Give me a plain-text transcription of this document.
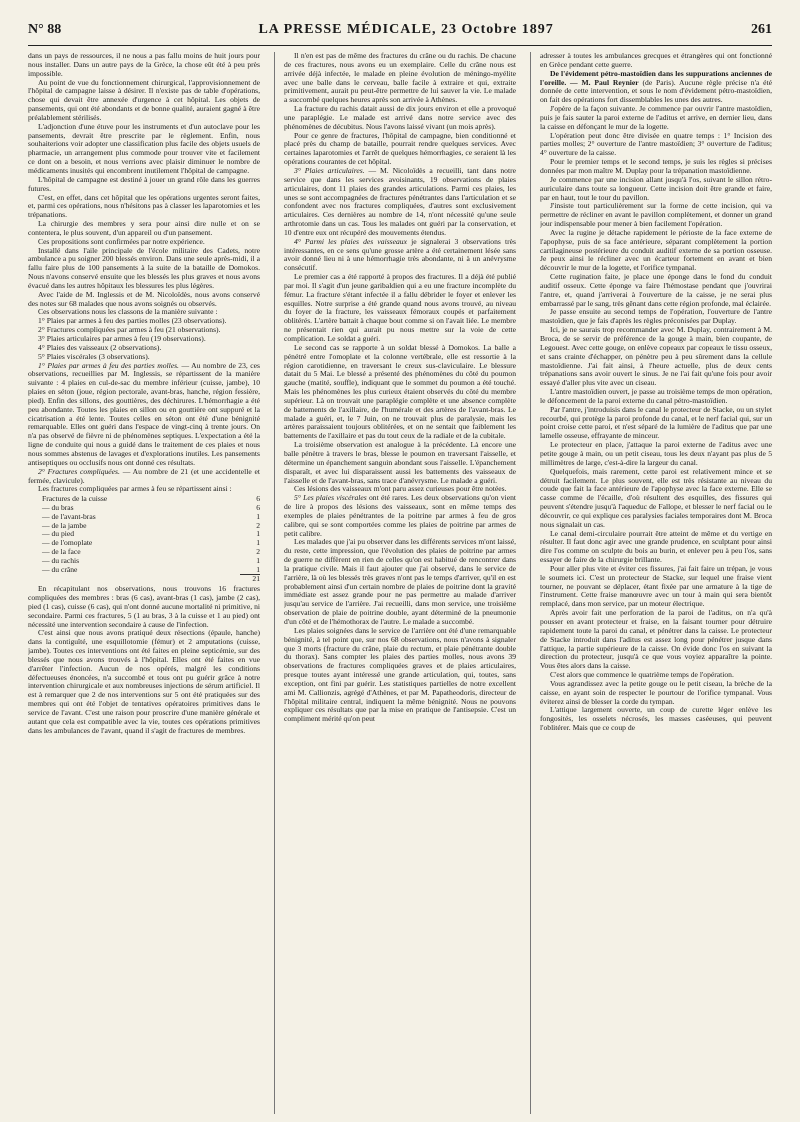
N° 88	LA PRESSE MÉDICALE, 23 Octobre 1897	261

dans un pays de ressources, il ne nous a pas fallu moins de huit jours pour nous installer. Dans un autre pays de la Grèce, la chose eût été à peu près impossible.

Au point de vue du fonctionnement chirurgical, l'approvisionnement de l'hôpital de campagne laisse à désirer. Il n'existe pas de table d'opérations, chose qui devait être annexée d'urgence à cet hôpital. Les objets de pansements, qui ont été abondants et de bonne qualité, auraient gagné à être préalablement stérilisés.

L'adjonction d'une étuve pour les instruments et d'un autoclave pour les pansements, devrait être prescrite par le règlement. Enfin, nous souhaiterions voir adopter une classification plus facile des objets usuels de pharmacie, un arrangement plus commode pour trouver vite et facilement ce dont on a besoin, et nous verrions avec plaisir diminuer le nombre de médicaments inusités qui encombrent inutilement l'hôpital de campagne.

L'hôpital de campagne est destiné à jouer un grand rôle dans les guerres futures.

C'est, en effet, dans cet hôpital que les opérations urgentes seront faites, et, parmi ces opérations, nous n'hésitons pas à classer les laparotomies et les trépanations.

La chirurgie des membres y sera pour ainsi dire nulle et on se contentera, le plus souvent, d'un appareil ou d'un pansement.

Ces propositions sont confirmées par notre expérience.

Installé dans l'aile principale de l'école militaire des Cadets, notre ambulance a pu soigner 200 blessés environ. Dans une seule après-midi, il a fallu faire plus de 100 pansements à la suite de la bataille de Domokos. Nous n'avons conservé ensuite que les blessés les plus graves et nous avons évacué dans les autres hôpitaux les blessures les plus légères.

Avec l'aide de M. Inglessis et de M. Nicoloïdès, nous avons conservé des notes sur 68 malades que nous avons soignés ou observés.

Ces observations nous les classons de la manière suivante :

1° Plaies par armes à feu des parties molles (23 observations).

2° Fractures compliquées par armes à feu (21 observations).

3° Plaies articulaires par armes à feu (19 observations).

4° Plaies des vaisseaux (2 observations).

5° Plaies viscérales (3 observations).

1° Plaies par armes à feu des parties molles. — Au nombre de 23, ces observations, recueillies par M. Inglessis, se répartissent de la manière suivante : 4 plaies en cul-de-sac du membre inférieur (cuisse, jambe), 10 plaies en séton (joue, région pectorale, avant-bras, hanche, région fessière, pied). Enfin des sillons, des gouttières, des déchirures. L'hémorrhagie a été peu abondante. Toutes les plaies en sillon ou en gouttière ont suppuré et la cicatrisation a été lente. Toutes celles en séton ont été d'une bénignité remarquable. Elles ont guéri dans l'espace de vingt-cinq à trente jours. On n'a pas observé de fièvre ni de phénomènes septiques. L'expectation a été la ligne de conduite qui nous a guidé dans le traitement de ces plaies et nous nous sommes abstenus de lavages et d'explorations inutiles. Les pansements antiseptiques ou occlusifs nous ont donné ces résultats.

2° Fractures compliquées. — Au nombre de 21 (et une accidentelle et fermée, clavicule).

Les fractures compliquées par armes à feu se répartissent ainsi :

Fractures de la cuisse	6
— du bras	6
— de l'avant-bras	1
— de la jambe	2
— du pied	1
— de l'omoplate	1
— de la face	2
— du rachis	1
— du crâne	1
	21

En récapitulant nos observations, nous trouvons 16 fractures compliquées des membres : bras (6 cas), avant-bras (1 cas), jambe (2 cas), pied (1 cas), cuisse (6 cas), qui n'ont donné aucune mortalité ni primitive, ni secondaire. Parmi ces fractures, 5 (1 au bras, 3 à la cuisse et 1 au pied) ont nécessité une intervention secondaire à cause de l'infection.

C'est ainsi que nous avons pratiqué deux résections (épaule, hanche) dans la contiguïté, une esquillotomie (fémur) et 2 amputations (cuisse, jambe). Toutes ces interventions ont été faites en pleine septicémie, sur des blessés que nous avons trouvés à l'hôpital. Elles ont été faites en vue d'arrêter l'infection. Aucun de nos opérés, malgré les conditions défectueuses énoncées, n'a succombé et tous ont pu guérir grâce à notre intervention chirurgicale et aux nombreuses injections de sérum artificiel. Il est à remarquer que 2 de nos interventions sur 5 ont été pratiquées sur des membres qui ont été l'objet de tentatives opératoires primitives dans le service de l'avant. C'est une raison pour proscrire d'une manière générale et autant que cela est compatible avec la vie, toutes ces opérations primitives dans les ambulances de l'avant, quand il s'agit de fractures de membres.

Il n'en est pas de même des fractures du crâne ou du rachis. De chacune de ces fractures, nous avons eu un exemplaire. Celle du crâne nous est arrivée déjà infectée, le malade en pleine évolution de méningo-myélite avec une balle dans le cerveau, balle facile à extraire et qui, extraite primitivement, aurait pu peut-être permettre de lui sauver la vie. Le malade a succombé quelques heures après son arrivée à Athènes.

La fracture du rachis datait aussi de dix jours environ et elle a provoqué une paraplégie. Le malade est arrivé dans notre service avec des phénomènes de décubitus. Nous l'avons laissé vivant (un mois après).

Pour ce genre de fractures, l'hôpital de campagne, bien conditionné et placé près du champ de bataille, pourrait rendre quelques services. Avec certaines laparotomies et l'arrêt de quelques hémorrhagies, ce seraient là les opérations courantes de cet hôpital.

3° Plaies articulaires. — M. Nicoloïdès a recueilli, tant dans notre service que dans les services avoisinants, 19 observations de plaies articulaires, dont 11 plaies des grandes articulations. Parmi ces plaies, les unes se sont accompagnées de fractures pénétrantes dans l'articulation et se confondent avec nos fractures compliquées, d'autres sont exclusivement articulaires. Ces dernières au nombre de 14, n'ont nécessité qu'une seule arthrotomie dans un cas. Tous les malades ont guéri par la conservation, et 10 d'entre eux ont récupéré des mouvements étendus.

4° Parmi les plaies des vaisseaux je signalerai 3 observations très intéressantes, en ce sens qu'une grosse artère a été certainement lésée sans avoir donné lieu ni à une hémorrhagie très abondante, ni à un anévrysme consécutif.

Le premier cas a été rapporté à propos des fractures. Il a déjà été publié par moi. Il s'agit d'un jeune garibaldien qui a eu une fracture incomplète du fémur. La fracture s'étant infectée il a fallu débrider le foyer et enlever les esquilles. Notre surprise a été grande quand nous avons trouvé, au niveau du foyer de la fracture, les vaisseaux fémoraux coupés et parfaitement oblitérés. L'artère battait à chaque bout comme si on l'avait liée. Le membre ne présentait rien qui aurait pu nous mettre sur la voie de cette complication. Le soldat a guéri.

Le second cas se rapporte à un soldat blessé à Domokos. La balle a pénétré entre l'omoplate et la colonne vertébrale, elle est ressortie à la région carotidienne, en traversant le creux sus-claviculaire. Le blessure datait du 5 Mai. Le blessé a présenté des phénomènes du côté du poumon gauche (matité, souffle), indiquant que le sommet du poumon a été touché. Mais les phénomènes les plus curieux étaient observés du côté du membre supérieur. Là on trouvait une paraplégie complète et une absence complète de battements de l'axillaire, de l'humérale et des artères de l'avant-bras. Le malade a guéri, et, le 7 Juin, on ne trouvait plus de paralysie, mais les artères paraissaient toujours oblitérées, et on ne sentait que faiblement les battements de l'axillaire et pas du tout ceux de la radiale et de la cubitale.

La troisième observation est analogue à la précédente. Là encore une balle pénètre à travers le bras, blesse le poumon en traversant l'aisselle, et détermine un épanchement sanguin abondant sous l'aisselle. L'épanchement disparaît, et avec lui disparaissent aussi les battements des vaisseaux de l'aisselle et de l'avant-bras, sans trace d'anévrysme. Le malade a guéri.

Ces lésions des vaisseaux m'ont paru assez curieuses pour être notées.

5° Les plaies viscérales ont été rares. Les deux observations qu'on vient de lire à propos des lésions des vaisseaux, sont en même temps des exemples de plaies pénétrantes de la poitrine par armes à feu de gros calibre, qui se sont comportées comme les plaies de poitrine par armes de petit calibre.

Les malades que j'ai pu observer dans les différents services m'ont laissé, du reste, cette impression, que l'évolution des plaies de poitrine par armes de guerre ne diffèrent en rien de celles qu'on est habitué de rencontrer dans la pratique civile. Mais il faut ajouter que j'ai observé, dans le service de l'arrière, là où les blessés très graves n'ont pas le temps d'arriver, qu'il en est probablement ainsi d'un certain nombre de plaies de poitrine dont la gravité immédiate est assez grande pour ne pas permettre au malade d'arriver jusqu'au service de l'arrière. J'ai recueilli, dans mon service, une troisième observation de plaie de poitrine double, ayant déterminé de la pneumonie d'un côté et de l'hémothorax de l'autre. Le malade a succombé.

Les plaies soignées dans le service de l'arrière ont été d'une remarquable bénignité, à tel point que, sur nos 68 observations, nous n'avons à signaler que 3 morts (fracture du crâne, plaie du rectum, et plaie pénétrante double du thorax). Sans compter les plaies des parties molles, nous avons 39 observations de fractures compliquées graves et de plaies articulaires, presque toutes ayant intéressé une grande articulation, qui, toutes, sans exception, ont fini par guérir. Les statistiques partielles de notre excellent ami M. Callionzis, agrégé d'Athènes, et par M. Papatheodoris, directeur de l'hôpital militaire central, indiquent la même bénignité. Nous ne pouvons expliquer ces résultats que par la mise en pratique de l'antisepsie. C'est un compliment mérité qu'on peut

adresser à toutes les ambulances grecques et étrangères qui ont fonctionné en Grèce pendant cette guerre.

De l'évidement pétro-mastoïdien dans les suppurations anciennes de l'oreille. — M. Paul Reynier (de Paris). Aucune règle précise n'a été donnée de cette intervention, et sous le nom d'évidement pétro-mastoïdien, on fait des opérations fort dissemblables les unes des autres.

J'opère de la façon suivante. Je commence par ouvrir l'antre mastoïdien, puis je fais sauter la paroi externe de l'aditus et arrive, en dernier lieu, dans la caisse en défonçant le mur de la logette.

L'opération peut donc être divisée en quatre temps : 1° Incision des parties molles; 2° ouverture de l'antre mastoïdien; 3° ouverture de l'aditus; 4° ouverture de la caisse.

Pour le premier temps et le second temps, je suis les règles si précises données par mon maître M. Duplay pour la trépanation mastoïdienne.

Je commence par une incision allant jusqu'à l'os, suivant le sillon rétro-auriculaire dans toute sa longueur. Cette incision doit être grande et faire, par en haut, tout le tour du pavillon.

J'insiste tout particulièrement sur la forme de cette incision, qui va permettre de récliner en avant le pavillon complètement, et donner un grand jour indispensable pour mener à bien facilement l'opération.

Avec la rugine je détache rapidement le périoste de la face externe de l'apophyse, puis de sa face antérieure, séparant complètement la portion cartilagineuse postérieure du conduit auditif externe de sa portion osseuse. Je peux ainsi le récliner avec un écarteur fortement en avant et bien découvrir le mur de la logette, et l'orifice tympanal.

Cette rugination faite, je place une éponge dans le fond du conduit auditif osseux. Cette éponge va faire l'hémostase pendant que j'ouvrirai l'antre, et, quand j'arriverai à l'ouverture de la caisse, je ne serai plus embarrassé par le sang, très gênant dans cette région profonde, mal éclairée.

Je passe ensuite au second temps de l'opération, l'ouverture de l'antre mastoïdien, que je fais d'après les règles préconisées par Duplay.

Ici, je ne saurais trop recommander avec M. Duplay, contrairement à M. Broca, de se servir de préférence de la gouge à main, bien coupante, de Legouest. Avec cette gouge, on enlève copeaux par copeaux le tissu osseux, et sans crainte d'échapper, on pénètre peu à peu sûrement dans la cellule mastoïdienne. J'ai fait ainsi, à l'heure actuelle, plus de deux cents trépanations sans avoir ouvert le sinus. Je ne l'ai fait qu'une fois pour avoir essayé d'aller plus vite avec un ciseau.

L'antre mastoïdien ouvert, je passe au troisième temps de mon opération, le défoncement de la paroi externe du canal pétro-mastoïdien.

Par l'antre, j'introduisis dans le canal le protecteur de Stacke, ou un stylet recourbé, qui protège la paroi profonde du canal, et le nerf facial qui, sur un point croise cette paroi, et n'est séparé de la lumière de l'aditus que par une lamelle osseuse, effrayante de minceur.

Le protecteur en place, j'attaque la paroi externe de l'aditus avec une petite gouge à main, ou un petit ciseau, tous les deux n'ayant pas plus de 5 millimètres de large, c'est-à-dire la largeur du canal.

Quelquefois, mais rarement, cette paroi est relativement mince et se détruit facilement. Le plus souvent, elle est très résistante au niveau du coude que fait la face antérieure de l'apophyse avec la face externe. Elle se casse comme de l'écaille, d'où résultent des esquilles, des fissures qui peuvent s'étendre jusqu'à l'aqueduc de Fallope, et blesser le nerf facial ou le découvrir, ce qui explique ces paralysies faciales temporaires dont M. Broca nous signalait un cas.

Le canal demi-circulaire pourrait être atteint de même et du vertige en résulter. Il faut donc agir avec une grande prudence, en sculptant pour ainsi dire l'os comme on sculpte du bois au burin, et enlever peu à peu l'os, sans essayer de faire de la chirurgie brillante.

Pour aller plus vite et éviter ces fissures, j'ai fait faire un trépan, je vous le soumets ici. C'est un protecteur de Stacke, sur lequel une fraise vient tourner, ne pouvant se déplacer, étant fixée par une armature à la tige de l'instrument. Cette fraise manœuvre avec un tour à main qui sera bientôt remplacé, dans mon service, par un moteur électrique.

Après avoir fait une perforation de la paroi de l'aditus, on n'a qu'à pousser en avant protecteur et fraise, en la faisant tourner pour détruire rapidement toute la paroi du canal, et pénétrer dans la caisse. Le protecteur de Stacke introduit dans l'aditus est assez long pour pénétrer jusque dans l'attique, la partie supérieure de la caisse. On évide donc l'os en suivant la direction du protecteur, jusqu'à ce que vous voyiez apparaître la pointe. Vous êtes alors dans la caisse.

C'est alors que commence le quatrième temps de l'opération.

Vous agrandissez avec la petite gouge ou le petit ciseau, la brèche de la caisse, en ayant soin de respecter le pourtour de l'orifice tympanal. Vous éviterez ainsi de blesser la corde du tympan.

L'attique largement ouverte, un coup de curette léger enlève les fongosités, les osselets nécrosés, les masses caséeuses, qui peuvent l'oblitérer. Mais que ce coup de
